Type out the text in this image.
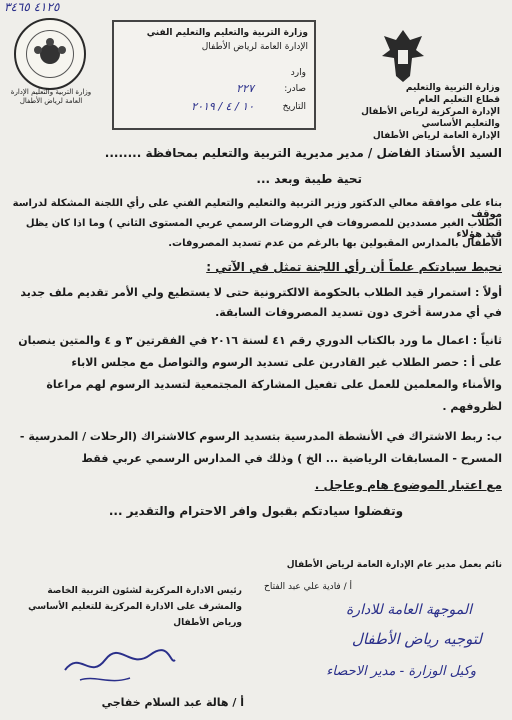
٤١٢٥ ٣٤٦٥
وزارة التربية والتعليم الإدارة العامة لرياض الأطفال
وزارة التربية والتعليم والتعليم الفني
الإدارة العامة لرياض الأطفال
وارد
صادر:
٢٢٧
التاريخ
١٠ / ٤ / ٢٠١٩
وزارة التربية والتعليم
قطاع التعليم العام
الإدارة المركزية لرياض الأطفال
والتعليم الأساسي
الإدارة العامة لرياض الأطفال
السيد الأستاذ الفاضل / مدير مديرية التربية والتعليم بمحافظة ........
تحية طيبة وبعد ...
بناء على موافقة معالي الدكتور وزير التربية والتعليم والتعليم الفني على رأي اللجنة المشكلة لدراسة موقف
الطلاب الغير مسددين للمصروفات في الروضات الرسمي عربي المستوى الثاني ) وما اذا كان يظل قيد هؤلاء
الأطفال بالمدارس المقبولين بها بالرغم من عدم تسديد المصروفات.
نحيط سيادتكم علماً أن رأي اللجنة تمثل في الآتي :
أولاً : استمرار قيد الطلاب بالحكومة الالكترونية حتى لا يستطيع ولي الأمر تقديم ملف جديد
في أي مدرسة أخرى دون تسديد المصروفات السابقة.
ثانياً : اعمال ما ورد بالكتاب الدوري رقم ٤١ لسنة ٢٠١٦ في الفقرتين ٣ و ٤ والمتين ينصبان
على أ : حصر الطلاب غير القادرين على تسديد الرسوم والتواصل مع مجلس الاباء
والأمناء والمعلمين للعمل على تفعيل المشاركة المجتمعية لتسديد الرسوم لهم مراعاة
لظروفهم .
ب: ربط الاشتراك في الأنشطة المدرسية بتسديد الرسوم كالاشتراك (الرحلات / المدرسية -
المسرح - المسابقات الرياضية ... الخ ) وذلك في المدارس الرسمي عربي فقط
مع اعتبار الموضوع هام وعاجل .
وتفضلوا سيادتكم بقبول وافر الاحترام والتقدير ...
نائم بعمل مدير عام الإدارة العامة لرياض الأطفال
أ / فادية علي عبد الفتاح
الموجهة العامة للادارة
لتوجيه رياض الأطفال
وكيل الوزارة - مدير الاحصاء
رئيس الادارة المركزية لشئون التربية الخاصة
والمشرف على الادارة المركزية للتعليم الأساسي
ورياض الأطفال
أ / هالة عبد السلام خفاجي
